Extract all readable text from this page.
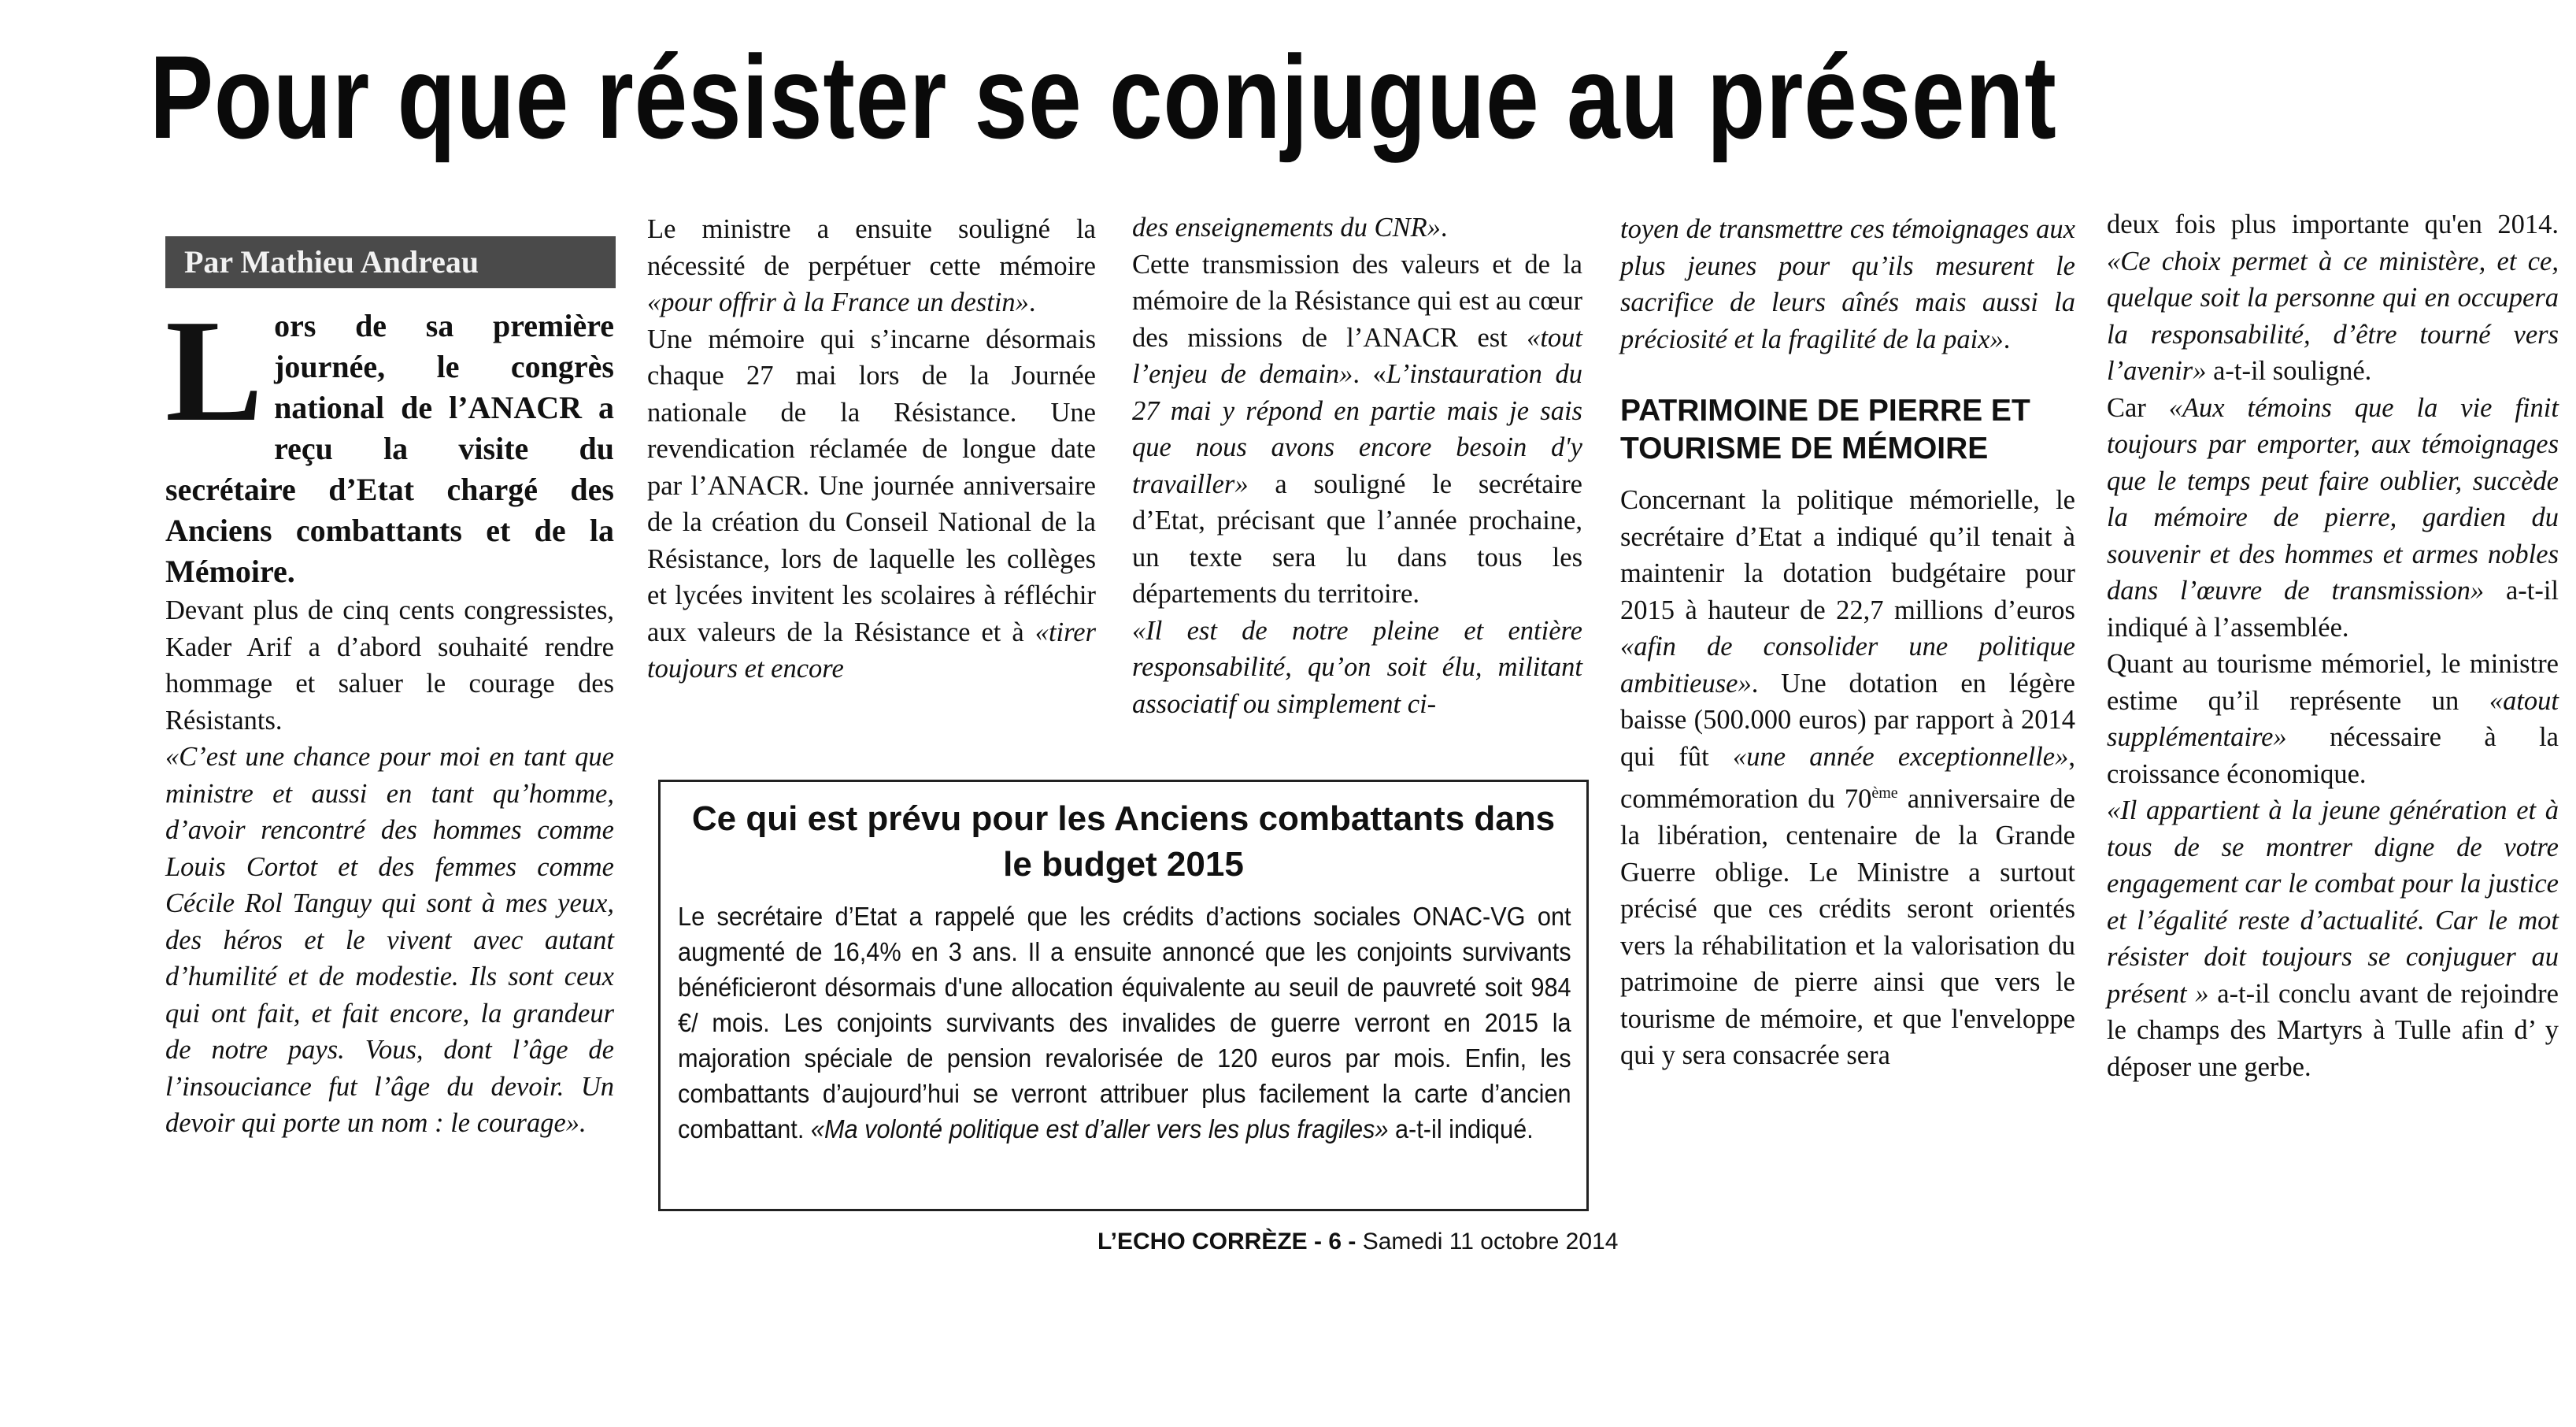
Pour que résister se conjugue au présent
Par Mathieu Andreau
Lors de sa première journée, le congrès national de l’ANACR a reçu la visite du secrétaire d’Etat chargé des Anciens combattants et de la Mémoire.

Devant plus de cinq cents congressistes, Kader Arif a d’abord souhaité rendre hommage et saluer le courage des Résistants.

«C’est une chance pour moi en tant que ministre et aussi en tant qu’homme, d’avoir rencontré des hommes comme Louis Cortot et des femmes comme Cécile Rol Tanguy qui sont à mes yeux, des héros et le vivent avec autant d’humilité et de modestie. Ils sont ceux qui ont fait, et fait encore, la grandeur de notre pays. Vous, dont l’âge de l’insouciance fut l’âge du devoir. Un devoir qui porte un nom : le courage».

Le ministre a ensuite souligné la nécessité de perpétuer cette mémoire «pour offrir à la France un destin».

Une mémoire qui s’incarne désormais chaque 27 mai lors de la Journée nationale de la Résistance. Une revendication réclamée de longue date par l’ANACR. Une journée anniversaire de la création du Conseil National de la Résistance, lors de laquelle les collèges et lycées invitent les scolaires à réfléchir aux valeurs de la Résistance et à «tirer toujours et encore

des enseignements du CNR».

Cette transmission des valeurs et de la mémoire de la Résistance qui est au cœur des missions de l’ANACR est «tout l’enjeu de demain». «L’instauration du 27 mai y répond en partie mais je sais que nous avons encore besoin d'y travailler» a souligné le secrétaire d’Etat, précisant que l’année prochaine, un texte sera lu dans tous les départements du territoire.

«Il est de notre pleine et entière responsabilité, qu’on soit élu, militant associatif ou simplement ci-

toyen de transmettre ces témoignages aux plus jeunes pour qu’ils mesurent le sacrifice de leurs aînés mais aussi la préciosité et la fragilité de la paix».

PATRIMOINE DE PIERRE ET TOURISME DE MÉMOIRE

Concernant la politique mémorielle, le secrétaire d’Etat a indiqué qu’il tenait à maintenir la dotation budgétaire pour 2015 à hauteur de 22,7 millions d’euros «afin de consolider une politique ambitieuse». Une dotation en légère baisse (500.000 euros) par rapport à 2014 qui fût «une année exceptionnelle», commémoration du 70ème anniversaire de la libération, centenaire de la Grande Guerre oblige. Le Ministre a surtout précisé que ces crédits seront orientés vers la réhabilitation et la valorisation du patrimoine de pierre ainsi que vers le tourisme de mémoire, et que l'enveloppe qui y sera consacrée sera

deux fois plus importante qu'en 2014. «Ce choix permet à ce ministère, et ce, quelque soit la personne qui en occupera la responsabilité, d’être tourné vers l’avenir» a-t-il souligné.

Car «Aux témoins que la vie finit toujours par emporter, aux témoignages que le temps peut faire oublier, succède la mémoire de pierre, gardien du souvenir et des hommes et armes nobles dans l’œuvre de transmission» a-t-il indiqué à l’assemblée.

Quant au tourisme mémoriel, le ministre estime qu’il représente un «atout supplémentaire» nécessaire à la croissance économique.

«Il appartient à la jeune génération et à tous de se montrer digne de votre engagement car le combat pour la justice et l’égalité reste d’actualité. Car le mot résister doit toujours se conjuguer au présent » a-t-il conclu avant de rejoindre le champs des Martyrs à Tulle afin d’ y déposer une gerbe.

Ce qui est prévu pour les Anciens combattants dans le budget 2015
Le secrétaire d’Etat a rappelé que les crédits d’actions sociales ONAC-VG ont augmenté de 16,4% en 3 ans. Il a ensuite annoncé que les conjoints survivants bénéficieront désormais d'une allocation équivalente au seuil de pauvreté soit 984 €/ mois. Les conjoints survivants des invalides de guerre verront en 2015 la majoration spéciale de pension revalorisée de 120 euros par mois. Enfin, les combattants d’aujourd’hui se verront attribuer plus facilement la carte d’ancien combattant. «Ma volonté politique est d’aller vers les plus fragiles» a-t-il indiqué.
L’ECHO CORRÈZE - 6 - Samedi 11 octobre 2014
